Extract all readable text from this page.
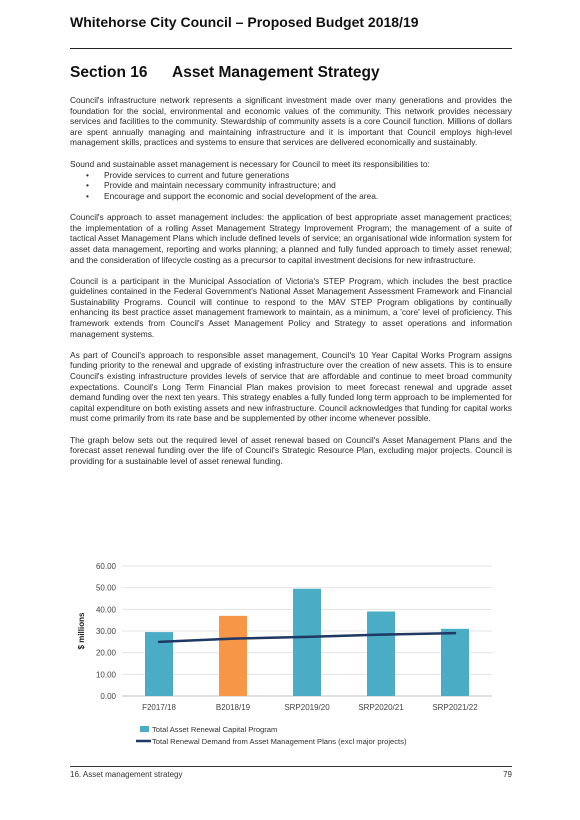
Whitehorse City Council – Proposed Budget 2018/19
Section 16 Asset Management Strategy

Council's infrastructure network represents a significant investment made over many generations and provides the foundation for the social, environmental and economic values of the community. This network provides necessary services and facilities to the community. Stewardship of community assets is a core Council function. Millions of dollars are spent annually managing and maintaining infrastructure and it is important that Council employs high-level management skills, practices and systems to ensure that services are delivered economically and sustainably.

Sound and sustainable asset management is necessary for Council to meet its responsibilities to:

• Provide services to current and future generations
• Provide and maintain necessary community infrastructure; and
• Encourage and support the economic and social development of the area.

Council's approach to asset management includes: the application of best appropriate asset management practices; the implementation of a rolling Asset Management Strategy Improvement Program; the management of a suite of tactical Asset Management Plans which include defined levels of service; an organisational wide information system for asset data management, reporting and works planning; a planned and fully funded approach to timely asset renewal; and the consideration of lifecycle costing as a precursor to capital investment decisions for new infrastructure.

Council is a participant in the Municipal Association of Victoria's STEP Program, which includes the best practice guidelines contained in the Federal Government's National Asset Management Assessment Framework and Financial Sustainability Programs. Council will continue to respond to the MAV STEP Program obligations by continually enhancing its best practice asset management framework to maintain, as a minimum, a 'core' level of proficiency. This framework extends from Council's Asset Management Policy and Strategy to asset operations and information management systems.

As part of Council's approach to responsible asset management, Council's 10 Year Capital Works Program assigns funding priority to the renewal and upgrade of existing infrastructure over the creation of new assets. This is to ensure Council's existing infrastructure provides levels of service that are affordable and continue to meet broad community expectations. Council's Long Term Financial Plan makes provision to meet forecast renewal and upgrade asset demand funding over the next ten years. This strategy enables a fully funded long term approach to be implemented for capital expenditure on both existing assets and new infrastructure. Council acknowledges that funding for capital works must come primarily from its rate base and be supplemented by other income whenever possible.

The graph below sets out the required level of asset renewal based on Council's Asset Management Plans and the forecast asset renewal funding over the life of Council's Strategic Resource Plan, excluding major projects. Council is providing for a sustainable level of asset renewal funding.

0.00
10.00
20.00
30.00
40.00
50.00
60.00
$ millions
F2017/18	B2018/19	SRP2019/20	SRP2020/21	SRP2021/22
Total Asset Renewal Capital Program
Total Renewal Demand from Asset Management Plans (excl major projects)
16. Asset management strategy	79
